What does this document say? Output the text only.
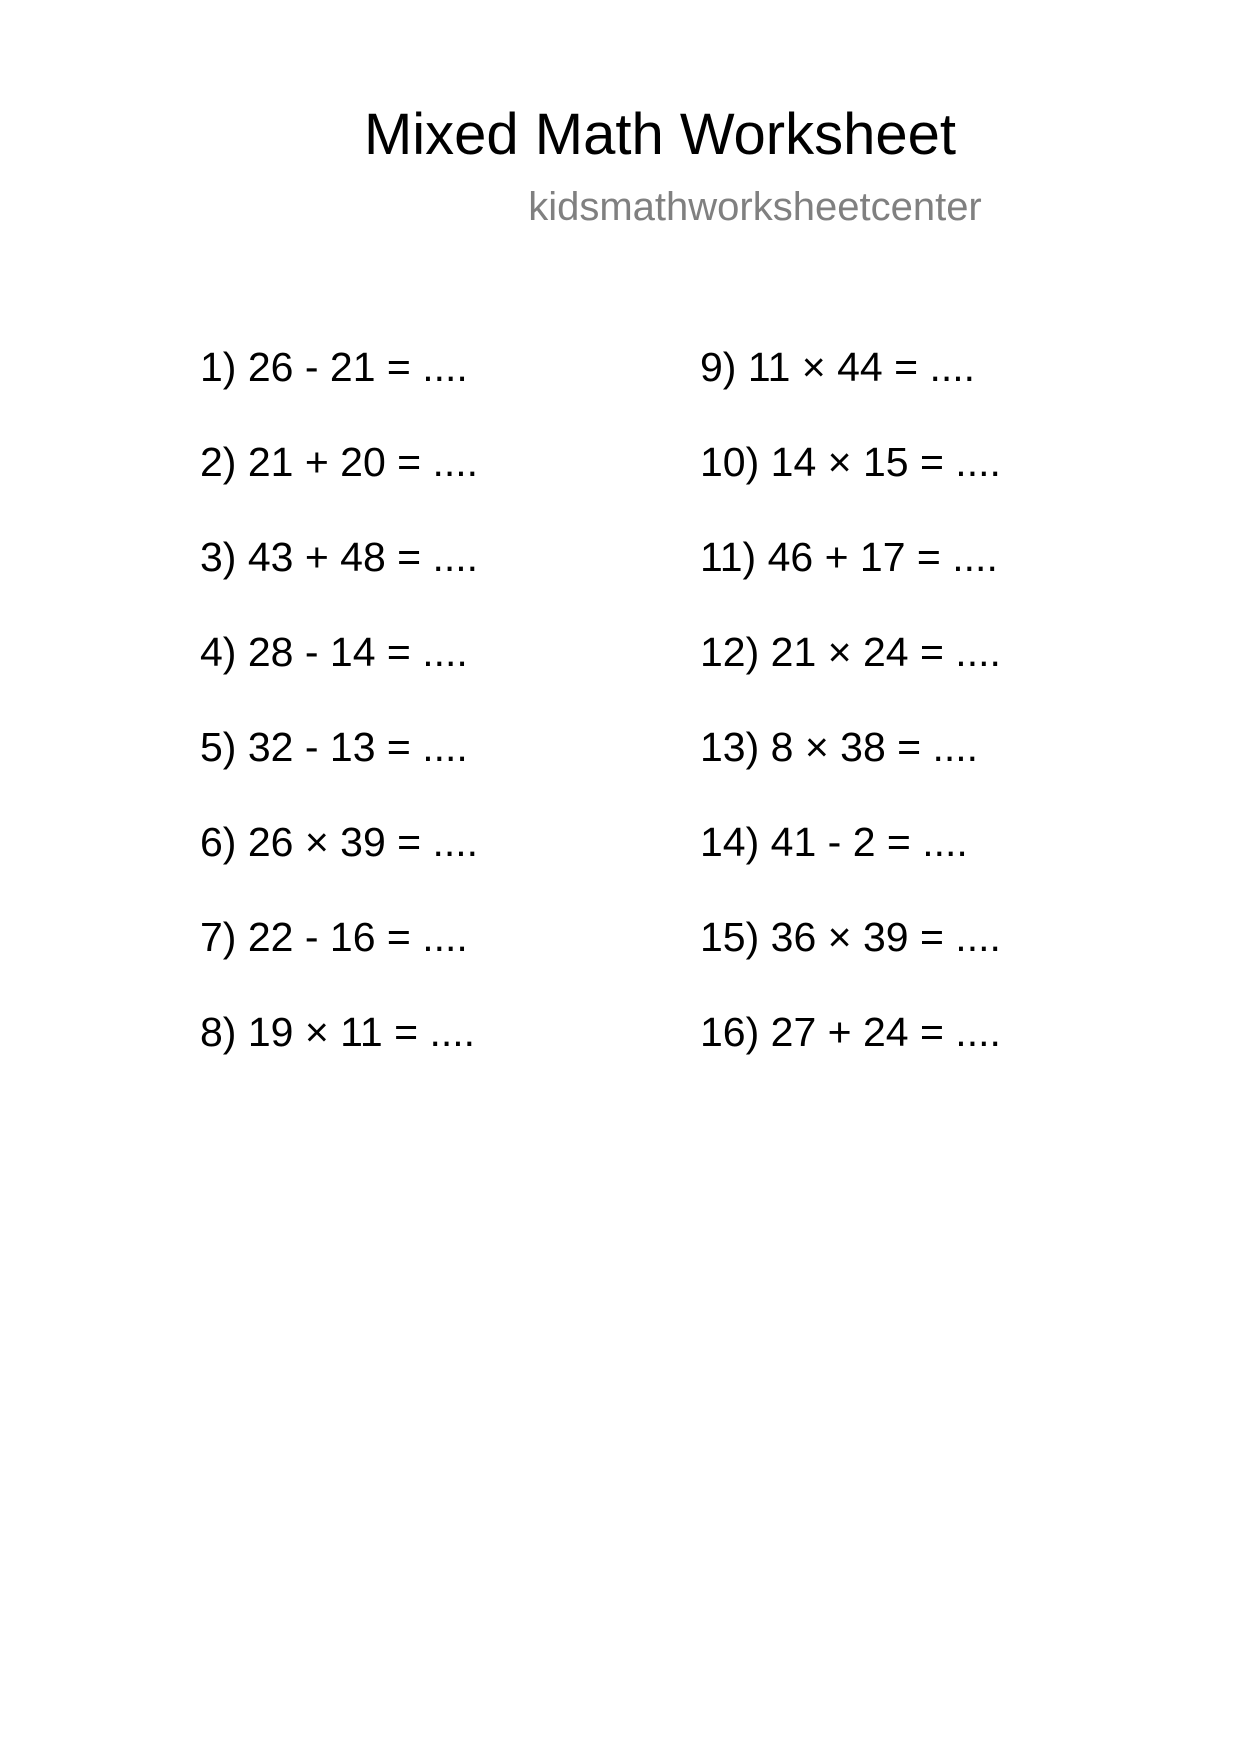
Mixed Math Worksheet
kidsmathworksheetcenter
1) 26 - 21 = ....
2) 21 + 20 = ....
3) 43 + 48 = ....
4) 28 - 14 = ....
5) 32 - 13 = ....
6) 26 × 39 = ....
7) 22 - 16 = ....
8) 19 × 11 = ....
9) 11 × 44 = ....
10) 14 × 15 = ....
11) 46 + 17 = ....
12) 21 × 24 = ....
13) 8 × 38 = ....
14) 41 - 2 = ....
15) 36 × 39 = ....
16) 27 + 24 = ....
